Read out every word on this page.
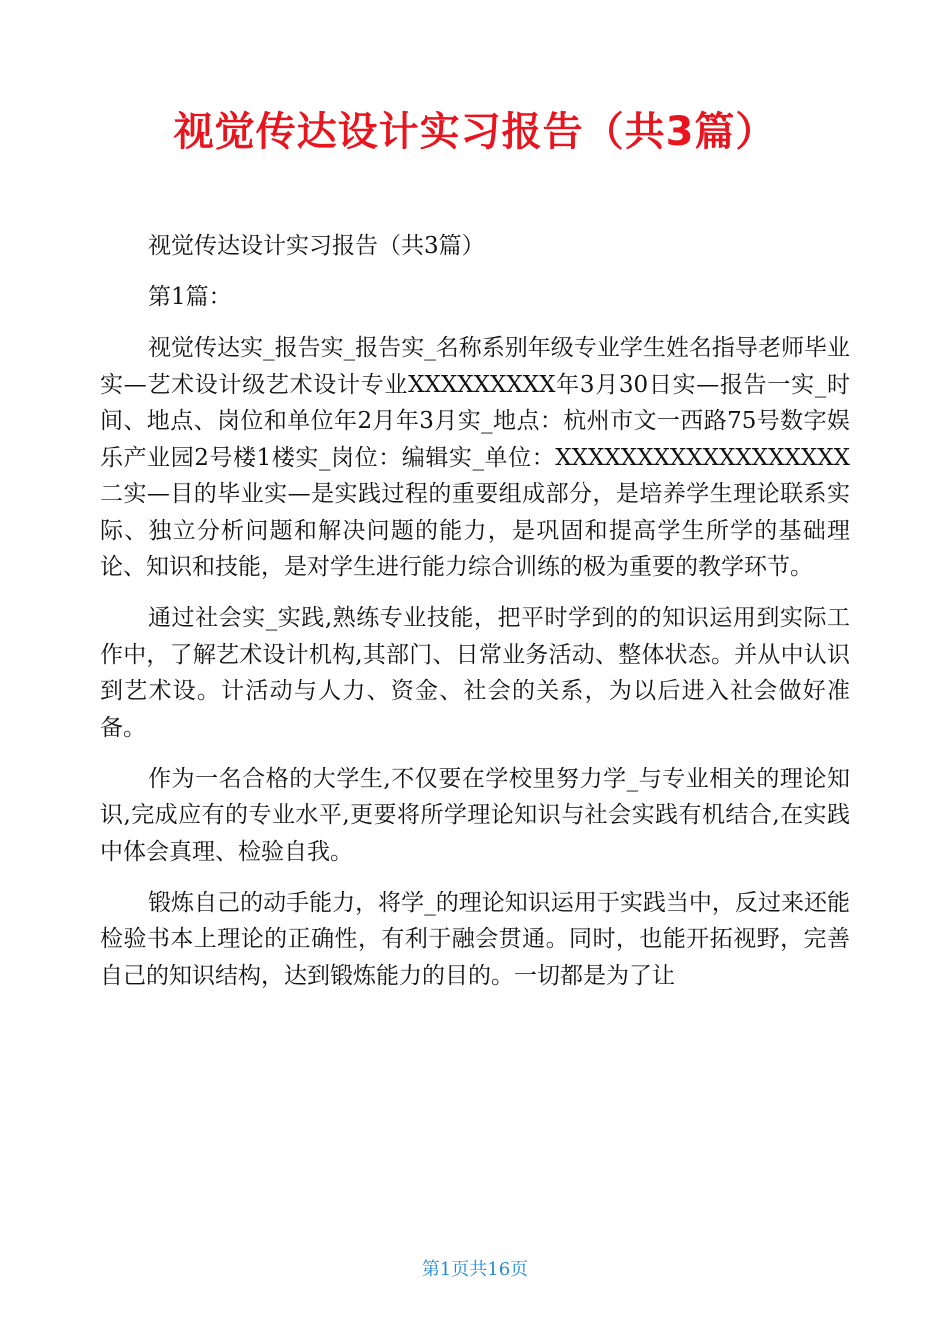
视觉传达设计实习报告（共3篇）

视觉传达设计实习报告（共3篇）

第1篇：

视觉传达实_报告实_报告实_名称系别年级专业学生姓名指导老师毕业实—艺术设计级艺术设计专业XXXXXXXXX年3月30日实—报告一实_时间、地点、岗位和单位年2月年3月实_地点：杭州市文一西路75号数字娱乐产业园2号楼1楼实_岗位：编辑实_单位：XXXXXXXXXXXXXXXXXX二实—目的毕业实—是实践过程的重要组成部分，是培养学生理论联系实际、独立分析问题和解决问题的能力，是巩固和提高学生所学的基础理论、知识和技能，是对学生进行能力综合训练的极为重要的教学环节。

通过社会实_实践,熟练专业技能，把平时学到的的知识运用到实际工作中，了解艺术设计机构,其部门、日常业务活动、整体状态。并从中认识到艺术设。计活动与人力、资金、社会的关系，为以后进入社会做好准备。

作为一名合格的大学生,不仅要在学校里努力学_与专业相关的理论知识,完成应有的专业水平,更要将所学理论知识与社会实践有机结合,在实践中体会真理、检验自我。

锻炼自己的动手能力，将学_的理论知识运用于实践当中，反过来还能检验书本上理论的正确性，有利于融会贯通。同时，也能开拓视野，完善自己的知识结构，达到锻炼能力的目的。一切都是为了让

第1页共16页
